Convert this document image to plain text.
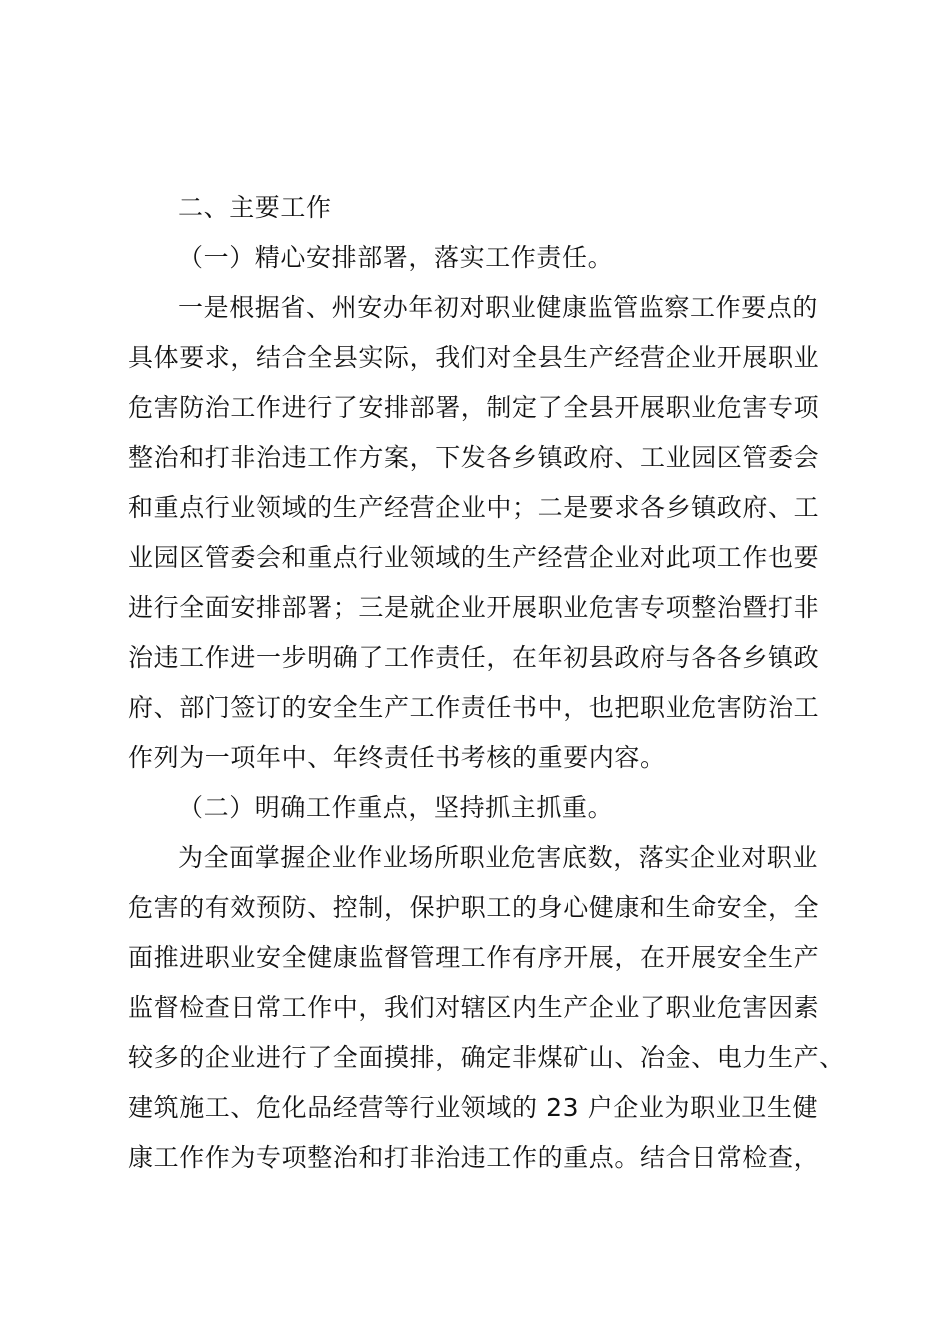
二、主要工作
（一）精心安排部署，落实工作责任。
一是根据省、州安办年初对职业健康监管监察工作要点的
具体要求，结合全县实际，我们对全县生产经营企业开展职业
危害防治工作进行了安排部署，制定了全县开展职业危害专项
整治和打非治违工作方案，下发各乡镇政府、工业园区管委会
和重点行业领域的生产经营企业中；二是要求各乡镇政府、工
业园区管委会和重点行业领域的生产经营企业对此项工作也要
进行全面安排部署；三是就企业开展职业危害专项整治暨打非
治违工作进一步明确了工作责任，在年初县政府与各各乡镇政
府、部门签订的安全生产工作责任书中，也把职业危害防治工
作列为一项年中、年终责任书考核的重要内容。
（二）明确工作重点，坚持抓主抓重。
为全面掌握企业作业场所职业危害底数，落实企业对职业
危害的有效预防、控制，保护职工的身心健康和生命安全，全
面推进职业安全健康监督管理工作有序开展，在开展安全生产
监督检查日常工作中，我们对辖区内生产企业了职业危害因素
较多的企业进行了全面摸排，确定非煤矿山、冶金、电力生产、
建筑施工、危化品经营等行业领域的 23 户企业为职业卫生健
康工作作为专项整治和打非治违工作的重点。结合日常检查，
